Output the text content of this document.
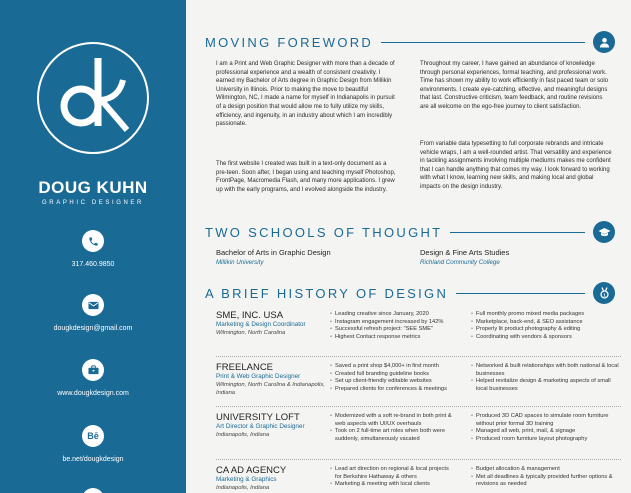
DOUG KUHN
GRAPHIC DESIGNER
317.460.9850
dougkdesign@gmail.com
www.dougkdesign.com
Bē
be.net/dougkdesign
MOVING FOREWORD
I am a Print and Web Graphic Designer with more than a decade of professional experience and a wealth of consistent creativity. I earned my Bachelor of Arts degree in Graphic Design from Millikin University in Illinois. Prior to making the move to beautiful Wilmington, NC, I made a name for myself in Indianapolis in pursuit of a design position that would allow me to fully utilize my skills, efficiency, and ingenuity, in an industry about which I am incredibly passionate.
The first website I created was built in a text-only document as a pre-teen. Soon after, I began using and teaching myself Photoshop, FrontPage, Macromedia Flash, and many more applications. I grew up with the early programs, and I evolved alongside the industry.
Throughout my career, I have gained an abundance of knowledge through personal experiences, formal teaching, and professional work. Time has shown my ability to work efficiently in fast paced team or solo environments. I create eye-catching, effective, and meaningful designs that last. Constructive criticism, team feedback, and routine revisions are all welcome on the ego-free journey to client satisfaction.
From variable data typesetting to full corporate rebrands and intricate vehicle wraps, I am a well-rounded artist. That versatility and experience in tackling assignments involving multiple mediums makes me confident that I can handle anything that comes my way. I look forward to working with what I know, learning new skills, and making local and global impacts on the design industry.
TWO SCHOOLS OF THOUGHT
Bachelor of Arts in Graphic Design
Millikin University
Design & Fine Arts Studies
Richland Community College
A BRIEF HISTORY OF DESIGN	1
SME, INC. USA
Marketing & Design Coordinator
Wilmington, North Carolina
• Leading creative since January, 2020
• Instagram engagement increased by 142%
• Successful refresh project: "SEE SME"
• Highest Contact response metrics
• Full monthly promo mixed media packages
• Marketplace, back-end, & SEO assistance
• Properly lit product photography & editing
• Coordinating with vendors & sponsors
FREELANCE
Print & Web Graphic Designer
Wilmington, North Carolina & Indianapolis, Indiana
• Saved a print shop $4,000+ in first month
• Created full branding guideline books
• Set up client-friendly editable websites
• Prepared clients for conferences & meetings
• Networked & built relationships with both national & local businesses
• Helped revitalize design & marketing aspects of small local businesses
UNIVERSITY LOFT
Art Director & Graphic Designer
Indianapolis, Indiana
• Modernized with a soft re-brand in both print & web aspects with UI/UX overhauls
• Took on 2 full-time art roles when both were suddenly, simultaneously vacated
• Produced 3D CAD spaces to simulate room furniture without prior formal 3D training
• Managed all web, print, mail, & signage
• Produced room furniture layout photography
CA AD AGENCY
Marketing & Graphics
Indianapolis, Indiana
• Lead art direction on regional & local projects for Berkshire Hathaway & others
• Marketing & meeting with local clients
• Budget allocation & management
• Met all deadlines & typically provided further options & revisions as needed
